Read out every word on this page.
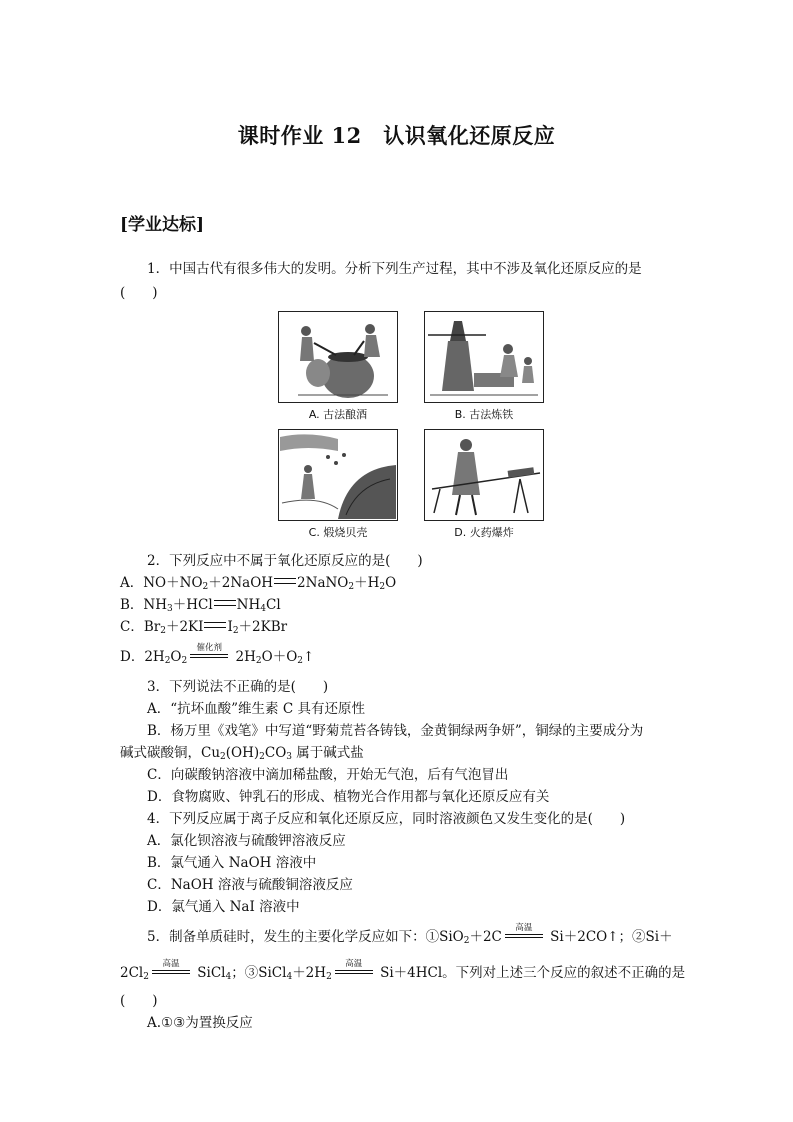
课时作业 12　认识氧化还原反应
[学业达标]
1．中国古代有很多伟大的发明。分析下列生产过程，其中不涉及氧化还原反应的是
(　　)
A. 古法酿酒	B. 古法炼铁
C. 煅烧贝壳	D. 火药爆炸
2．下列反应中不属于氧化还原反应的是(　　)
A．$NO+NO_2+2NaOH$ $2NaNO_2+H_2O$
B．$NH_3+HCl$ $NH_4Cl$
C．$Br_2+2KI$ $I_2+2KBr$
D．$2H_2O_2$
催化剂
$2H_2O+O_2↑$
3．下列说法不正确的是(　　)
A．“抗坏血酸”维生素 C 具有还原性
B．杨万里《戏笔》中写道“野菊荒苔各铸钱，金黄铜绿两争妍”，铜绿的主要成分为
碱式碳酸铜，$Cu_2(OH)_2CO_3$ 属于碱式盐
C．向碳酸钠溶液中滴加稀盐酸，开始无气泡，后有气泡冒出
D．食物腐败、钟乳石的形成、植物光合作用都与氧化还原反应有关
4．下列反应属于离子反应和氧化还原反应，同时溶液颜色又发生变化的是(　　)
A．氯化钡溶液与硫酸钾溶液反应
B．氯气通入 NaOH 溶液中
C．NaOH 溶液与硫酸铜溶液反应
D．氯气通入 NaI 溶液中
5．制备单质硅时，发生的主要化学反应如下：①SiO$_2$＋2C
高温
Si＋2CO↑；②Si＋
$2Cl_2$
高温
SiCl$_4$；$③SiCl_4+2H_2$
高温
Si＋4HCl。下列对上述三个反应的叙述不正确的是
(　　)
A.①③为置换反应
